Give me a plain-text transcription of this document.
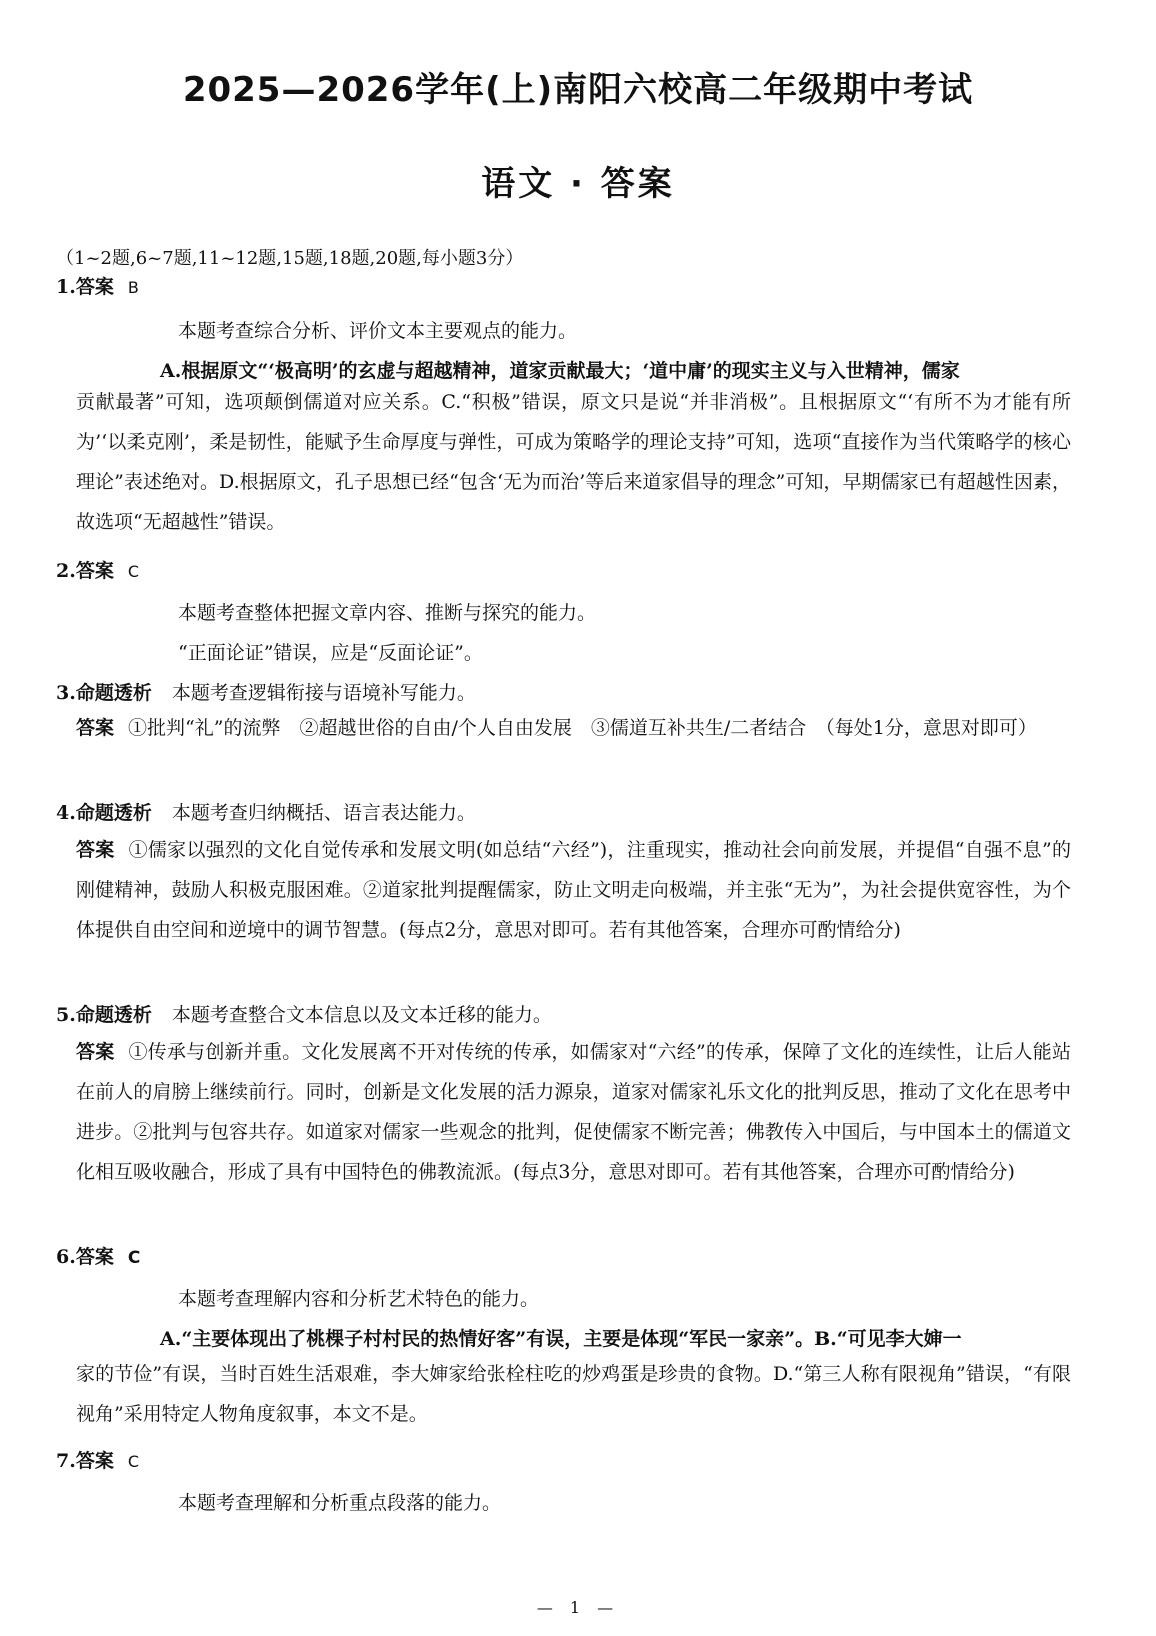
2025—2026学年(上)南阳六校高二年级期中考试
语文 · 答案
（1~2题,6~7题,11~12题,15题,18题,20题,每小题3分）
1.答案 B
本题考查综合分析、评价文本主要观点的能力。
A.根据原文“‘极高明’的玄虚与超越精神，道家贡献最大；‘道中庸’的现实主义与入世精神，儒家
贡献最著”可知，选项颠倒儒道对应关系。C.“积极”错误，原文只是说“并非消极”。且根据原文“‘有所不为才能有所为’‘以柔克刚’，柔是韧性，能赋予生命厚度与弹性，可成为策略学的理论支持”可知，选项“直接作为当代策略学的核心理论”表述绝对。D.根据原文，孔子思想已经“包含‘无为而治’等后来道家倡导的理念”可知，早期儒家已有超越性因素，故选项“无超越性”错误。
2.答案 C
本题考查整体把握文章内容、推断与探究的能力。
“正面论证”错误，应是“反面论证”。
3.命题透析 本题考查逻辑衔接与语境补写能力。
答案 ①批判“礼”的流弊　②超越世俗的自由/个人自由发展　③儒道互补共生/二者结合　（每处1分，意思对即可）
4.命题透析 本题考查归纳概括、语言表达能力。
答案 ①儒家以强烈的文化自觉传承和发展文明(如总结“六经”)，注重现实，推动社会向前发展，并提倡“自强不息”的刚健精神，鼓励人积极克服困难。②道家批判提醒儒家，防止文明走向极端，并主张“无为”，为社会提供宽容性，为个体提供自由空间和逆境中的调节智慧。(每点2分，意思对即可。若有其他答案，合理亦可酌情给分)
5.命题透析 本题考查整合文本信息以及文本迁移的能力。
答案 ①传承与创新并重。文化发展离不开对传统的传承，如儒家对“六经”的传承，保障了文化的连续性，让后人能站在前人的肩膀上继续前行。同时，创新是文化发展的活力源泉，道家对儒家礼乐文化的批判反思，推动了文化在思考中进步。②批判与包容共存。如道家对儒家一些观念的批判，促使儒家不断完善；佛教传入中国后，与中国本土的儒道文化相互吸收融合，形成了具有中国特色的佛教流派。(每点3分，意思对即可。若有其他答案，合理亦可酌情给分)
6.答案 C
本题考查理解内容和分析艺术特色的能力。
A.“主要体现出了桃棵子村村民的热情好客”有误，主要是体现“军民一家亲”。B.“可见李大婶一
家的节俭”有误，当时百姓生活艰难，李大婶家给张栓柱吃的炒鸡蛋是珍贵的食物。D.“第三人称有限视角”错误，“有限视角”采用特定人物角度叙事，本文不是。
7.答案 C
本题考查理解和分析重点段落的能力。
— 1 —
